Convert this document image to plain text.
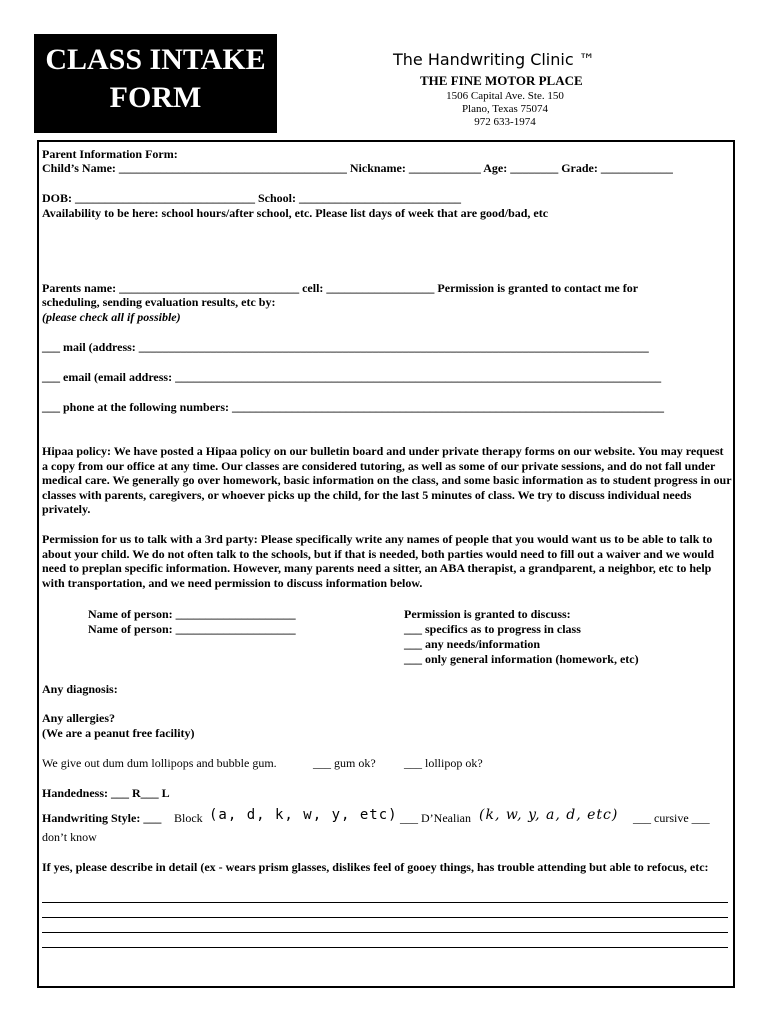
CLASS INTAKE
FORM
The Handwriting Clinic ™
THE FINE MOTOR PLACE
1506 Capital Ave. Ste. 150
Plano, Texas 75074
972 633-1974
Parent Information Form:
Child’s Name: ______________________________________ Nickname: ____________ Age: ________ Grade: ____________
DOB: ______________________________ School: ___________________________
Availability to be here: school hours/after school, etc. Please list days of week that are good/bad, etc
Parents name: ______________________________ cell: __________________ Permission is granted to contact me for
scheduling, sending evaluation results, etc by:
(please check all if possible)
___ mail (address: _____________________________________________________________________________________
___ email (email address: _________________________________________________________________________________
___ phone at the following numbers: ________________________________________________________________________
Hipaa policy: We have posted a Hipaa policy on our bulletin board and under private therapy forms on our website. You may request a copy from our office at any time. Our classes are considered tutoring, as well as some of our private sessions, and do not fall under medical care. We generally go over homework, basic information on the class, and some basic information as to student progress in our classes with parents, caregivers, or whoever picks up the child, for the last 5 minutes of class. We try to discuss individual needs privately.
Permission for us to talk with a 3rd party: Please specifically write any names of people that you would want us to be able to talk to about your child. We do not often talk to the schools, but if that is needed, both parties would need to fill out a waiver and we would need to preplan specific information. However, many parents need a sitter, an ABA therapist, a grandparent, a neighbor, etc to help with transportation, and we need permission to discuss information below.
Name of person: ____________________
Name of person: ____________________
Permission is granted to discuss:
___ specifics as to progress in class
___ any needs/information
___ only general information (homework, etc)
Any diagnosis:
Any allergies?
(We are a peanut free facility)
We give out dum dum lollipops and bubble gum.	___ gum ok? ___ lollipop ok?
Handedness: ___ R___ L
Handwriting Style: ___ Block (a, d, k, w, y, etc) ___ D’Nealian (k, w, y, a, d, etc) ___ cursive ___
don’t know
If yes, please describe in detail (ex - wears prism glasses, dislikes feel of gooey things, has trouble attending but able to refocus, etc:
